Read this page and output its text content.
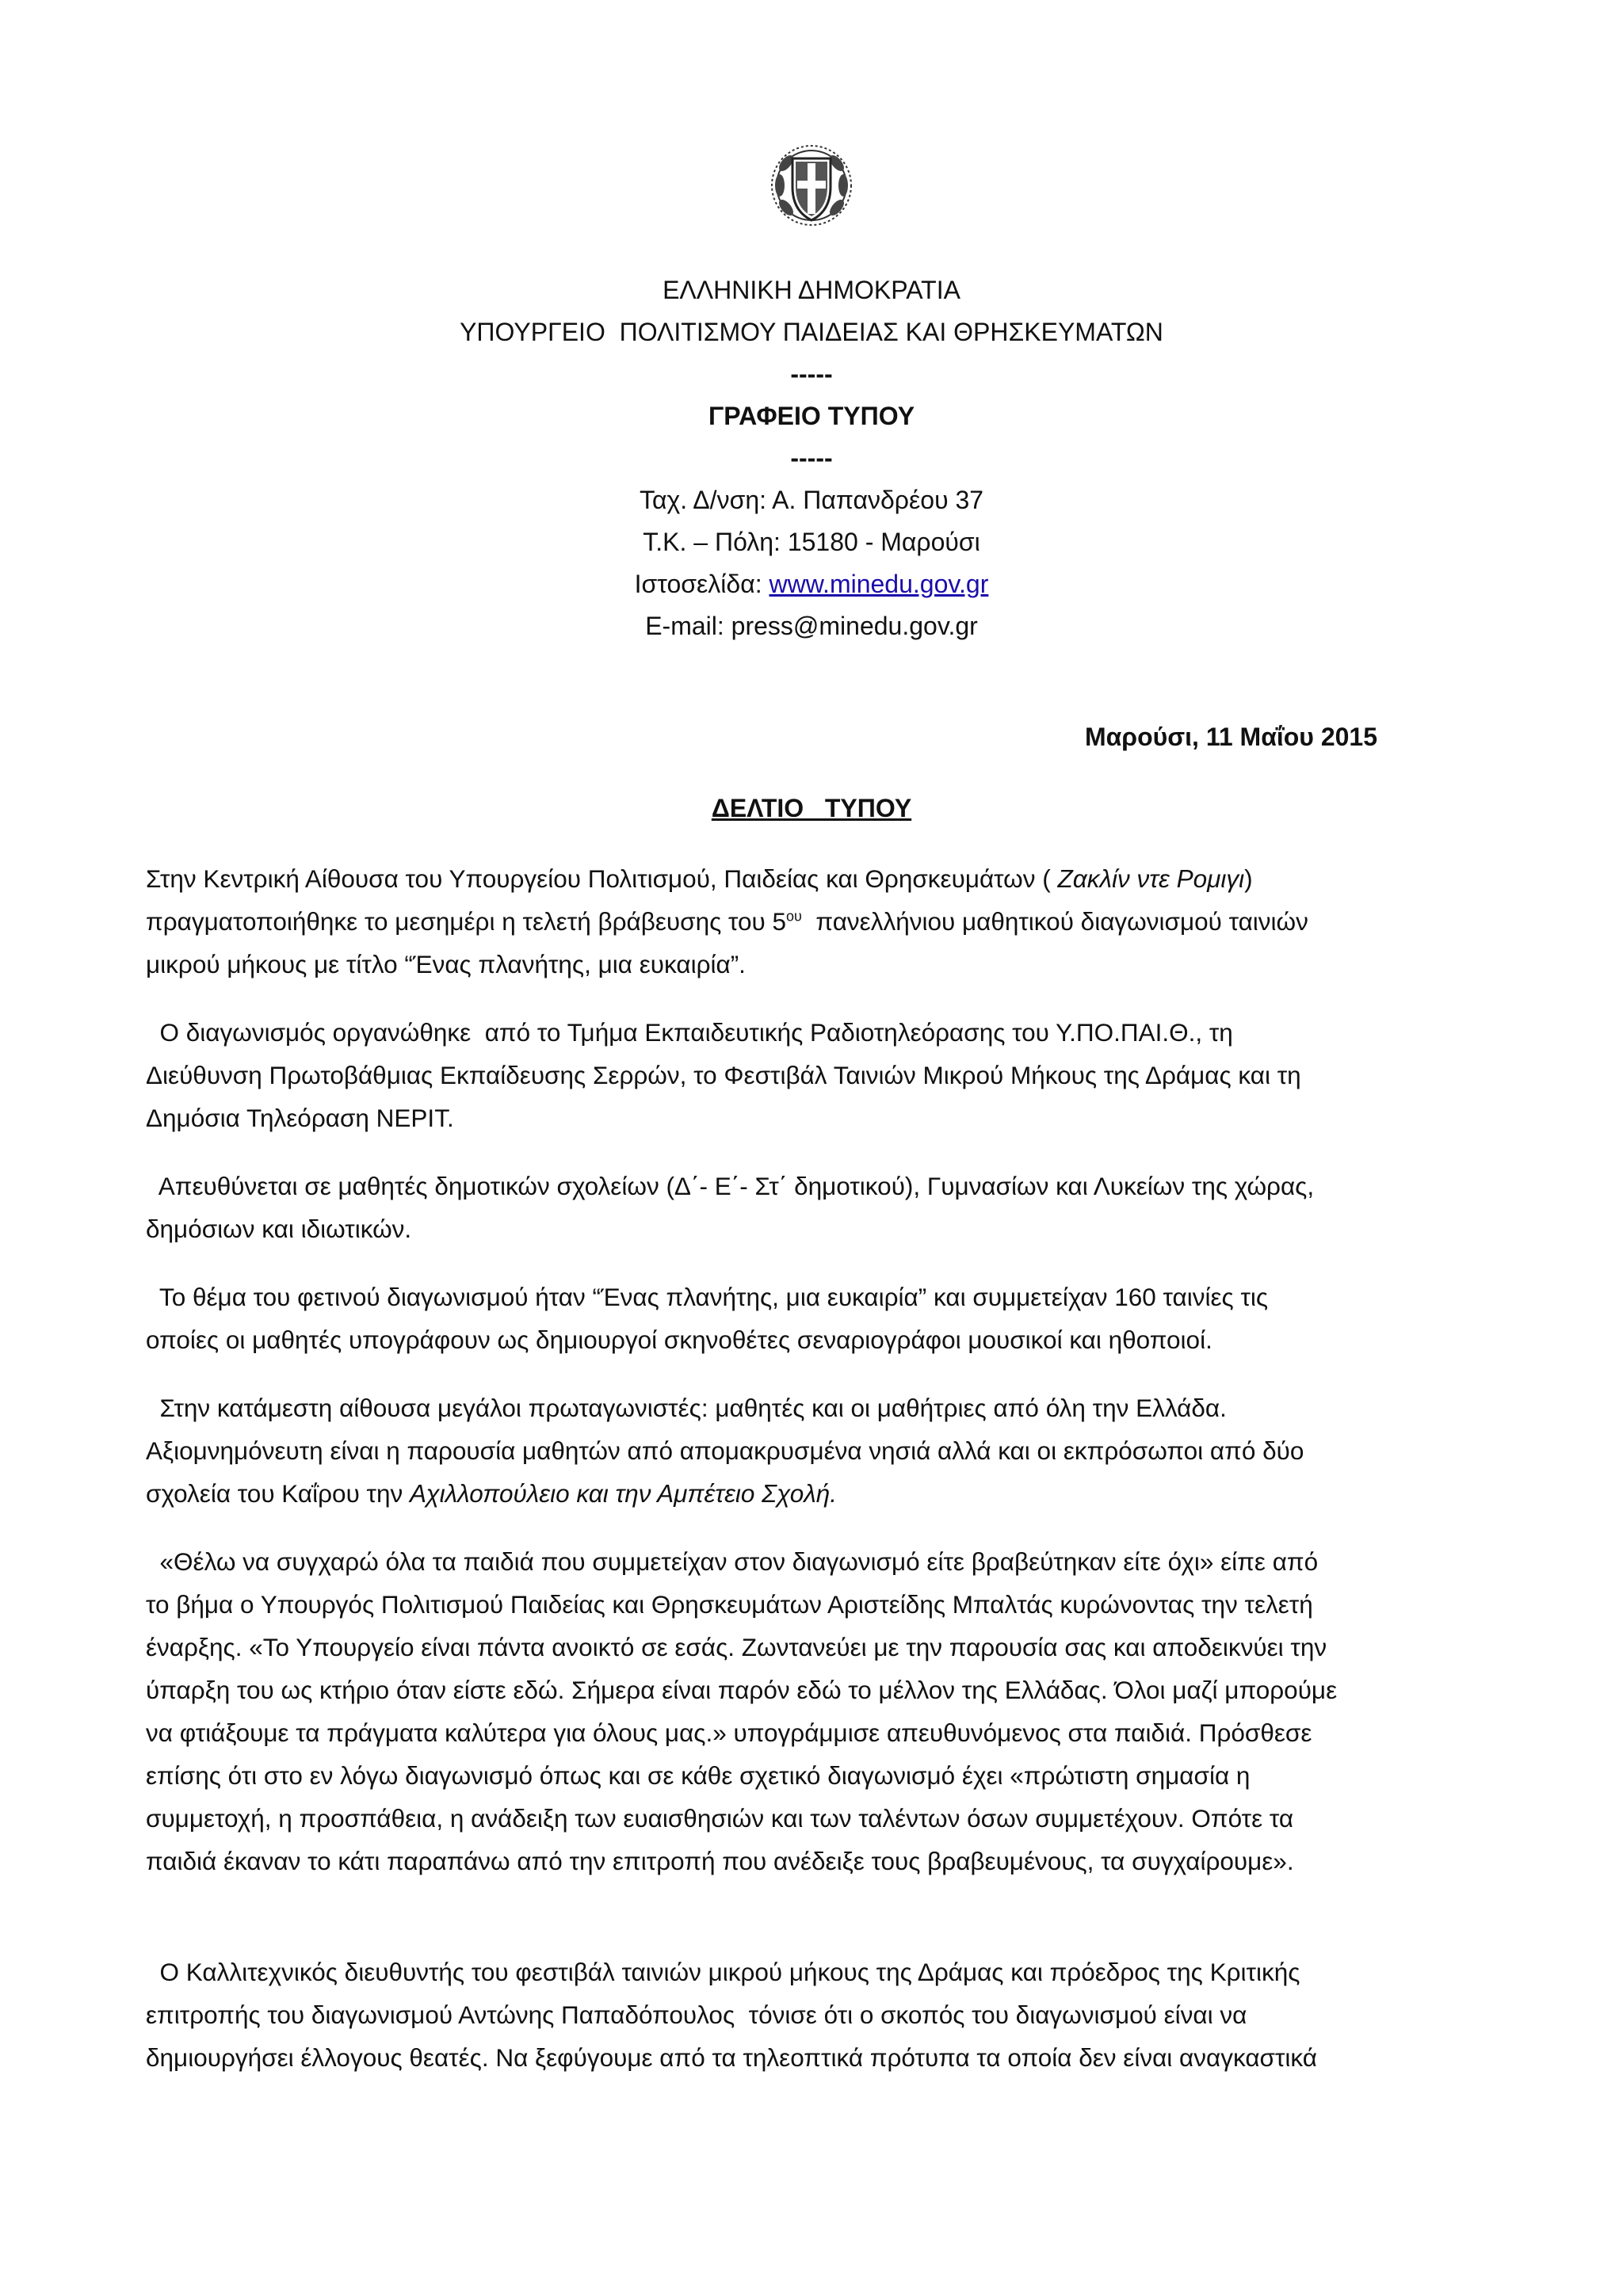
ΕΛΛΗΝΙΚΗ ΔΗΜΟΚΡΑΤΙΑ
ΥΠΟΥΡΓΕΙΟ  ΠΟΛΙΤΙΣΜΟΥ ΠΑΙΔΕΙΑΣ ΚΑΙ ΘΡΗΣΚΕΥΜΑΤΩΝ
-----
ΓΡΑΦΕΙΟ ΤΥΠΟΥ
-----
Ταχ. Δ/νση: Α. Παπανδρέου 37
Τ.Κ. – Πόλη: 15180 - Μαρούσι
Ιστοσελίδα: www.minedu.gov.gr
E-mail: press@minedu.gov.gr
Μαρούσι, 11 Μαΐου 2015
ΔΕΛΤΙΟ   ΤΥΠΟΥ
Στην Κεντρική Αίθουσα του Υπουργείου Πολιτισμού, Παιδείας και Θρησκευμάτων ( Ζακλίν ντε Ρομιγι)
πραγματοποιήθηκε το μεσημέρι η τελετή βράβευσης του $5^{o\upsilon}$  πανελλήνιου μαθητικού διαγωνισμού ταινιών
μικρού μήκους με τίτλο “Ένας πλανήτης, μια ευκαιρία”.
Ο διαγωνισμός οργανώθηκε  από το Τμήμα Εκπαιδευτικής Ραδιοτηλεόρασης του Υ.ΠΟ.ΠΑΙ.Θ., τη
Διεύθυνση Πρωτοβάθμιας Εκπαίδευσης Σερρών, το Φεστιβάλ Ταινιών Μικρού Μήκους της Δράμας και τη
Δημόσια Τηλεόραση ΝΕΡΙΤ.
Απευθύνεται σε μαθητές δημοτικών σχολείων (Δ΄- Ε΄- Στ΄ δημοτικού), Γυμνασίων και Λυκείων της χώρας,
δημόσιων και ιδιωτικών.
Το θέμα του φετινού διαγωνισμού ήταν “Ένας πλανήτης, μια ευκαιρία” και συμμετείχαν 160 ταινίες τις
οποίες οι μαθητές υπογράφουν ως δημιουργοί σκηνοθέτες σεναριογράφοι μουσικοί και ηθοποιοί.
Στην κατάμεστη αίθουσα μεγάλοι πρωταγωνιστές: μαθητές και οι μαθήτριες από όλη την Ελλάδα.
Αξιομνημόνευτη είναι η παρουσία μαθητών από απομακρυσμένα νησιά αλλά και οι εκπρόσωποι από δύο
σχολεία του Καΐρου την Αχιλλοπούλειο και την Αμπέτειο Σχολή.
«Θέλω να συγχαρώ όλα τα παιδιά που συμμετείχαν στον διαγωνισμό είτε βραβεύτηκαν είτε όχι» είπε από
το βήμα ο Υπουργός Πολιτισμού Παιδείας και Θρησκευμάτων Αριστείδης Μπαλτάς κυρώνοντας την τελετή
έναρξης. «Το Υπουργείο είναι πάντα ανοικτό σε εσάς. Ζωντανεύει με την παρουσία σας και αποδεικνύει την
ύπαρξη του ως κτήριο όταν είστε εδώ. Σήμερα είναι παρόν εδώ το μέλλον της Ελλάδας. Όλοι μαζί μπορούμε
να φτιάξουμε τα πράγματα καλύτερα για όλους μας.» υπογράμμισε απευθυνόμενος στα παιδιά. Πρόσθεσε
επίσης ότι στο εν λόγω διαγωνισμό όπως και σε κάθε σχετικό διαγωνισμό έχει «πρώτιστη σημασία η
συμμετοχή, η προσπάθεια, η ανάδειξη των ευαισθησιών και των ταλέντων όσων συμμετέχουν. Οπότε τα
παιδιά έκαναν το κάτι παραπάνω από την επιτροπή που ανέδειξε τους βραβευμένους, τα συγχαίρουμε».
Ο Καλλιτεχνικός διευθυντής του φεστιβάλ ταινιών μικρού μήκους της Δράμας και πρόεδρος της Κριτικής
επιτροπής του διαγωνισμού Αντώνης Παπαδόπουλος  τόνισε ότι ο σκοπός του διαγωνισμού είναι να
δημιουργήσει έλλογους θεατές. Να ξεφύγουμε από τα τηλεοπτικά πρότυπα τα οποία δεν είναι αναγκαστικά
